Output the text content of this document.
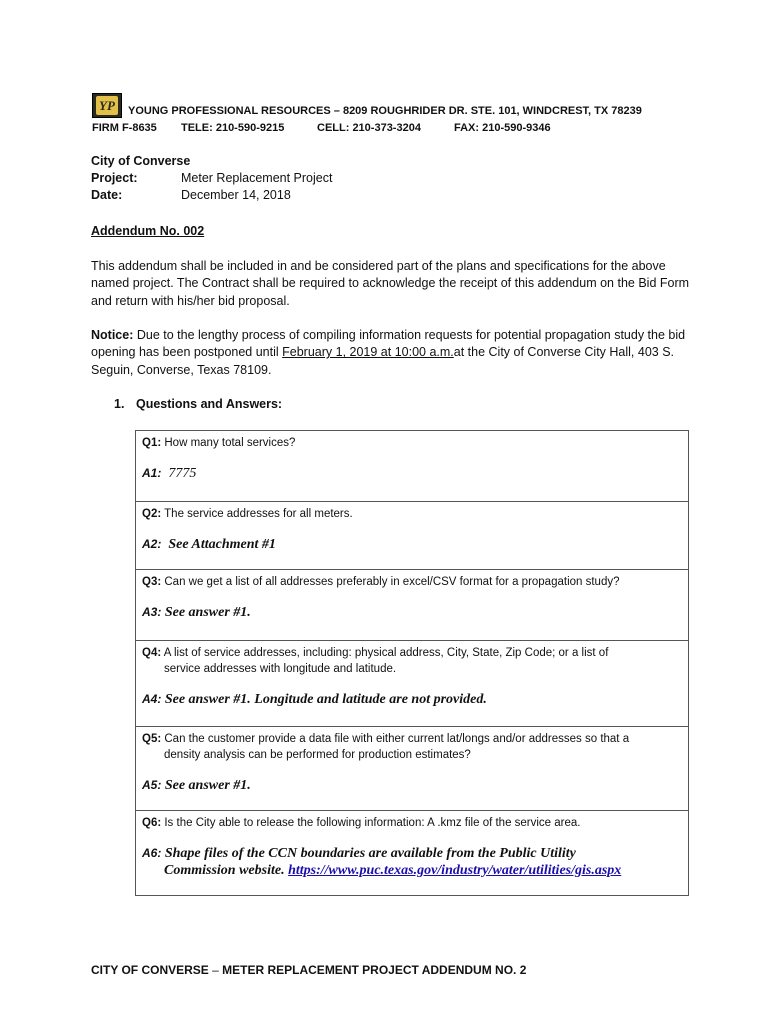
YP YOUNG PROFESSIONAL RESOURCES – 8209 ROUGHRIDER DR. STE. 101, WINDCREST, TX 78239
FIRM F-8635 TELE: 210-590-9215	CELL: 210-373-3204	FAX: 210-590-9346
City of Converse
Project:	Meter Replacement Project
Date:	December 14, 2018
Addendum No. 002
This addendum shall be included in and be considered part of the plans and specifications for the above named project. The Contract shall be required to acknowledge the receipt of this addendum on the Bid Form and return with his/her bid proposal.
Notice: Due to the lengthy process of compiling information requests for potential propagation study the bid opening has been postponed until February 1, 2019 at 10:00 a.m.at the City of Converse City Hall, 403 S. Seguin, Converse, Texas 78109.
1. Questions and Answers:
Q1: How many total services?
A1: 7775
Q2: The service addresses for all meters.
A2: See Attachment #1
Q3: Can we get a list of all addresses preferably in excel/CSV format for a propagation study?
A3: See answer #1.
Q4: A list of service addresses, including: physical address, City, State, Zip Code; or a list of
service addresses with longitude and latitude.
A4: See answer #1. Longitude and latitude are not provided.
Q5: Can the customer provide a data file with either current lat/longs and/or addresses so that a
density analysis can be performed for production estimates?
A5: See answer #1.
Q6: Is the City able to release the following information: A .kmz file of the service area.
A6: Shape files of the CCN boundaries are available from the Public Utility
Commission website. https://www.puc.texas.gov/industry/water/utilities/gis.aspx
CITY OF CONVERSE – METER REPLACEMENT PROJECT ADDENDUM NO. 2
